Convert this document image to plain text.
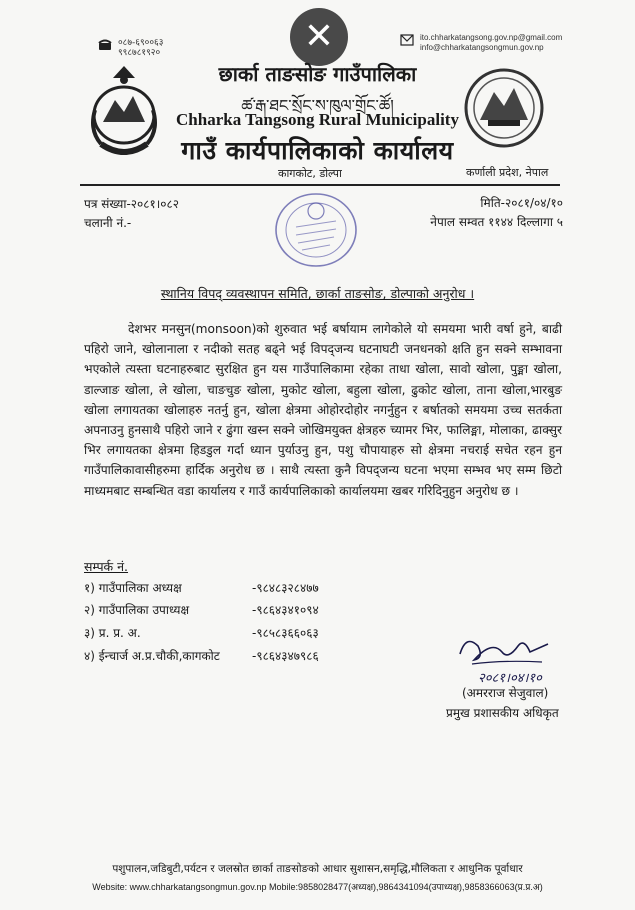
०८७-६९००६३
९९८७८१९२०
ito.chharkatangsong.gov.np@gmail.com
info@chharkatangsongmun.gov.np
✕
छार्का ताङसोङ गाउँपालिका
ཚ་རྒ་ཐང་སྲོང་ས་ཁུལ་གྲོང་ཚོ།
Chharka Tangsong Rural Municipality
गाउँ कार्यपालिकाको कार्यालय
कागकोट, डोल्पा	कर्णाली प्रदेश, नेपाल
पत्र संख्या-२०८१।०८२
चलानी नं.-
मिति-२०८१/०४/१०
नेपाल सम्वत ११४४ दिल्लागा ५
स्थानिय विपद् व्यवस्थापन समिति, छार्का ताङसोङ, डोल्पाको अनुरोध ।
देशभर मनसुन(monsoon)को शुरुवात भई बर्षायाम लागेकोले यो समयमा भारी वर्षा हुने, बाढी पहिरो जाने, खोलानाला र नदीको सतह बढ्ने भई विपद्जन्य घटनाघटी जनधनको क्षति हुन सक्ने सम्भावना भएकोले त्यस्ता घटनाहरुबाट सुरक्षित हुन यस गाउँपालिकामा रहेका ताधा खोला, सावो खोला, पुङ्मा खोला, डाल्जाङ खोला, ले खोला, चाङचुङ खोला, मुकोट खोला, बहुला खोला, ढुकोट खोला, ताना खोला,भारबुङ खोला लगायतका खोलाहरु नतर्नु हुन, खोला क्षेत्रमा ओहोरदोहोर नगर्नुहुन र बर्षातको समयमा उच्च सतर्कता अपनाउनु हुनसाथै पहिरो जाने र ढुंगा खस्न सक्ने जोखिमयुक्त क्षेत्रहरु च्यामर भिर, फालिङ्मा, मोलाका, ढाक्सुर भिर लगायतका क्षेत्रमा हिडडुल गर्दा ध्यान पुर्याउनु हुन, पशु चौपायाहरु सो क्षेत्रमा नचराई सचेत रहन हुन गाउँपालिकावासीहरुमा हार्दिक अनुरोध छ । साथै त्यस्ता कुनै विपद्जन्य घटना भएमा सम्भव भए सम्म छिटो माध्यमबाट सम्बन्धित वडा कार्यालय र गाउँ कार्यपालिकाको कार्यालयमा खबर गरिदिनुहुन अनुरोध छ ।
सम्पर्क नं.
१) गाउँपालिका अध्यक्ष	-९८४८३२८४७७
२) गाउँपालिका उपाध्यक्ष	-९८६४३४१०९४
३) प्र. प्र. अ.	-९८५८३६६०६३
४) ईन्चार्ज अ.प्र.चौकी,कागकोट	-९८६४३४७९८६
२०८१।०४।१०
(अमरराज सेजुवाल)
प्रमुख प्रशासकीय अधिकृत
पशुपालन,जडिबुटी,पर्यटन र जलस्रोत छार्का ताङसोङको आधार सुशासन,समृद्धि,मौलिकता र आधुनिक पूर्वाधार
Website: www.chharkatangsongmun.gov.np Mobile:9858028477(अध्यक्ष),9864341094(उपाध्यक्ष),9858366063(प्र.प्र.अ)
